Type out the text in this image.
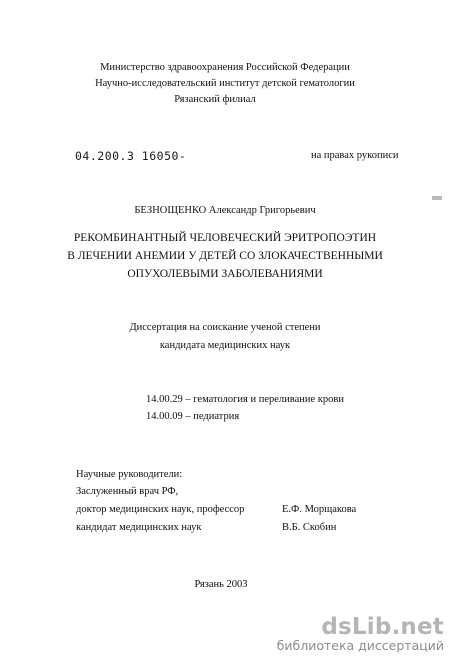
Министерство здравоохранения Российской Федерации
Научно-исследовательский институт детской гематологии
Рязанский филиал
04.200.3 16050-	на правах рукописи
БЕЗНОЩЕНКО Александр Григорьевич
РЕКОМБИНАНТНЫЙ ЧЕЛОВЕЧЕСКИЙ ЭРИТРОПОЭТИН
В ЛЕЧЕНИИ АНЕМИИ У ДЕТЕЙ СО ЗЛОКАЧЕСТВЕННЫМИ
ОПУХОЛЕВЫМИ ЗАБОЛЕВАНИЯМИ
Диссертация на соискание ученой степени
кандидата медицинских наук
14.00.29 – гематология и переливание крови
14.00.09 – педиатрия
Научные руководители:
Заслуженный врач РФ,
доктор медицинских наук, профессор
кандидат медицинских наук
Е.Ф. Морщакова
В.Б. Скобин
Рязань 2003
dsLib.net
библиотека диссертаций
